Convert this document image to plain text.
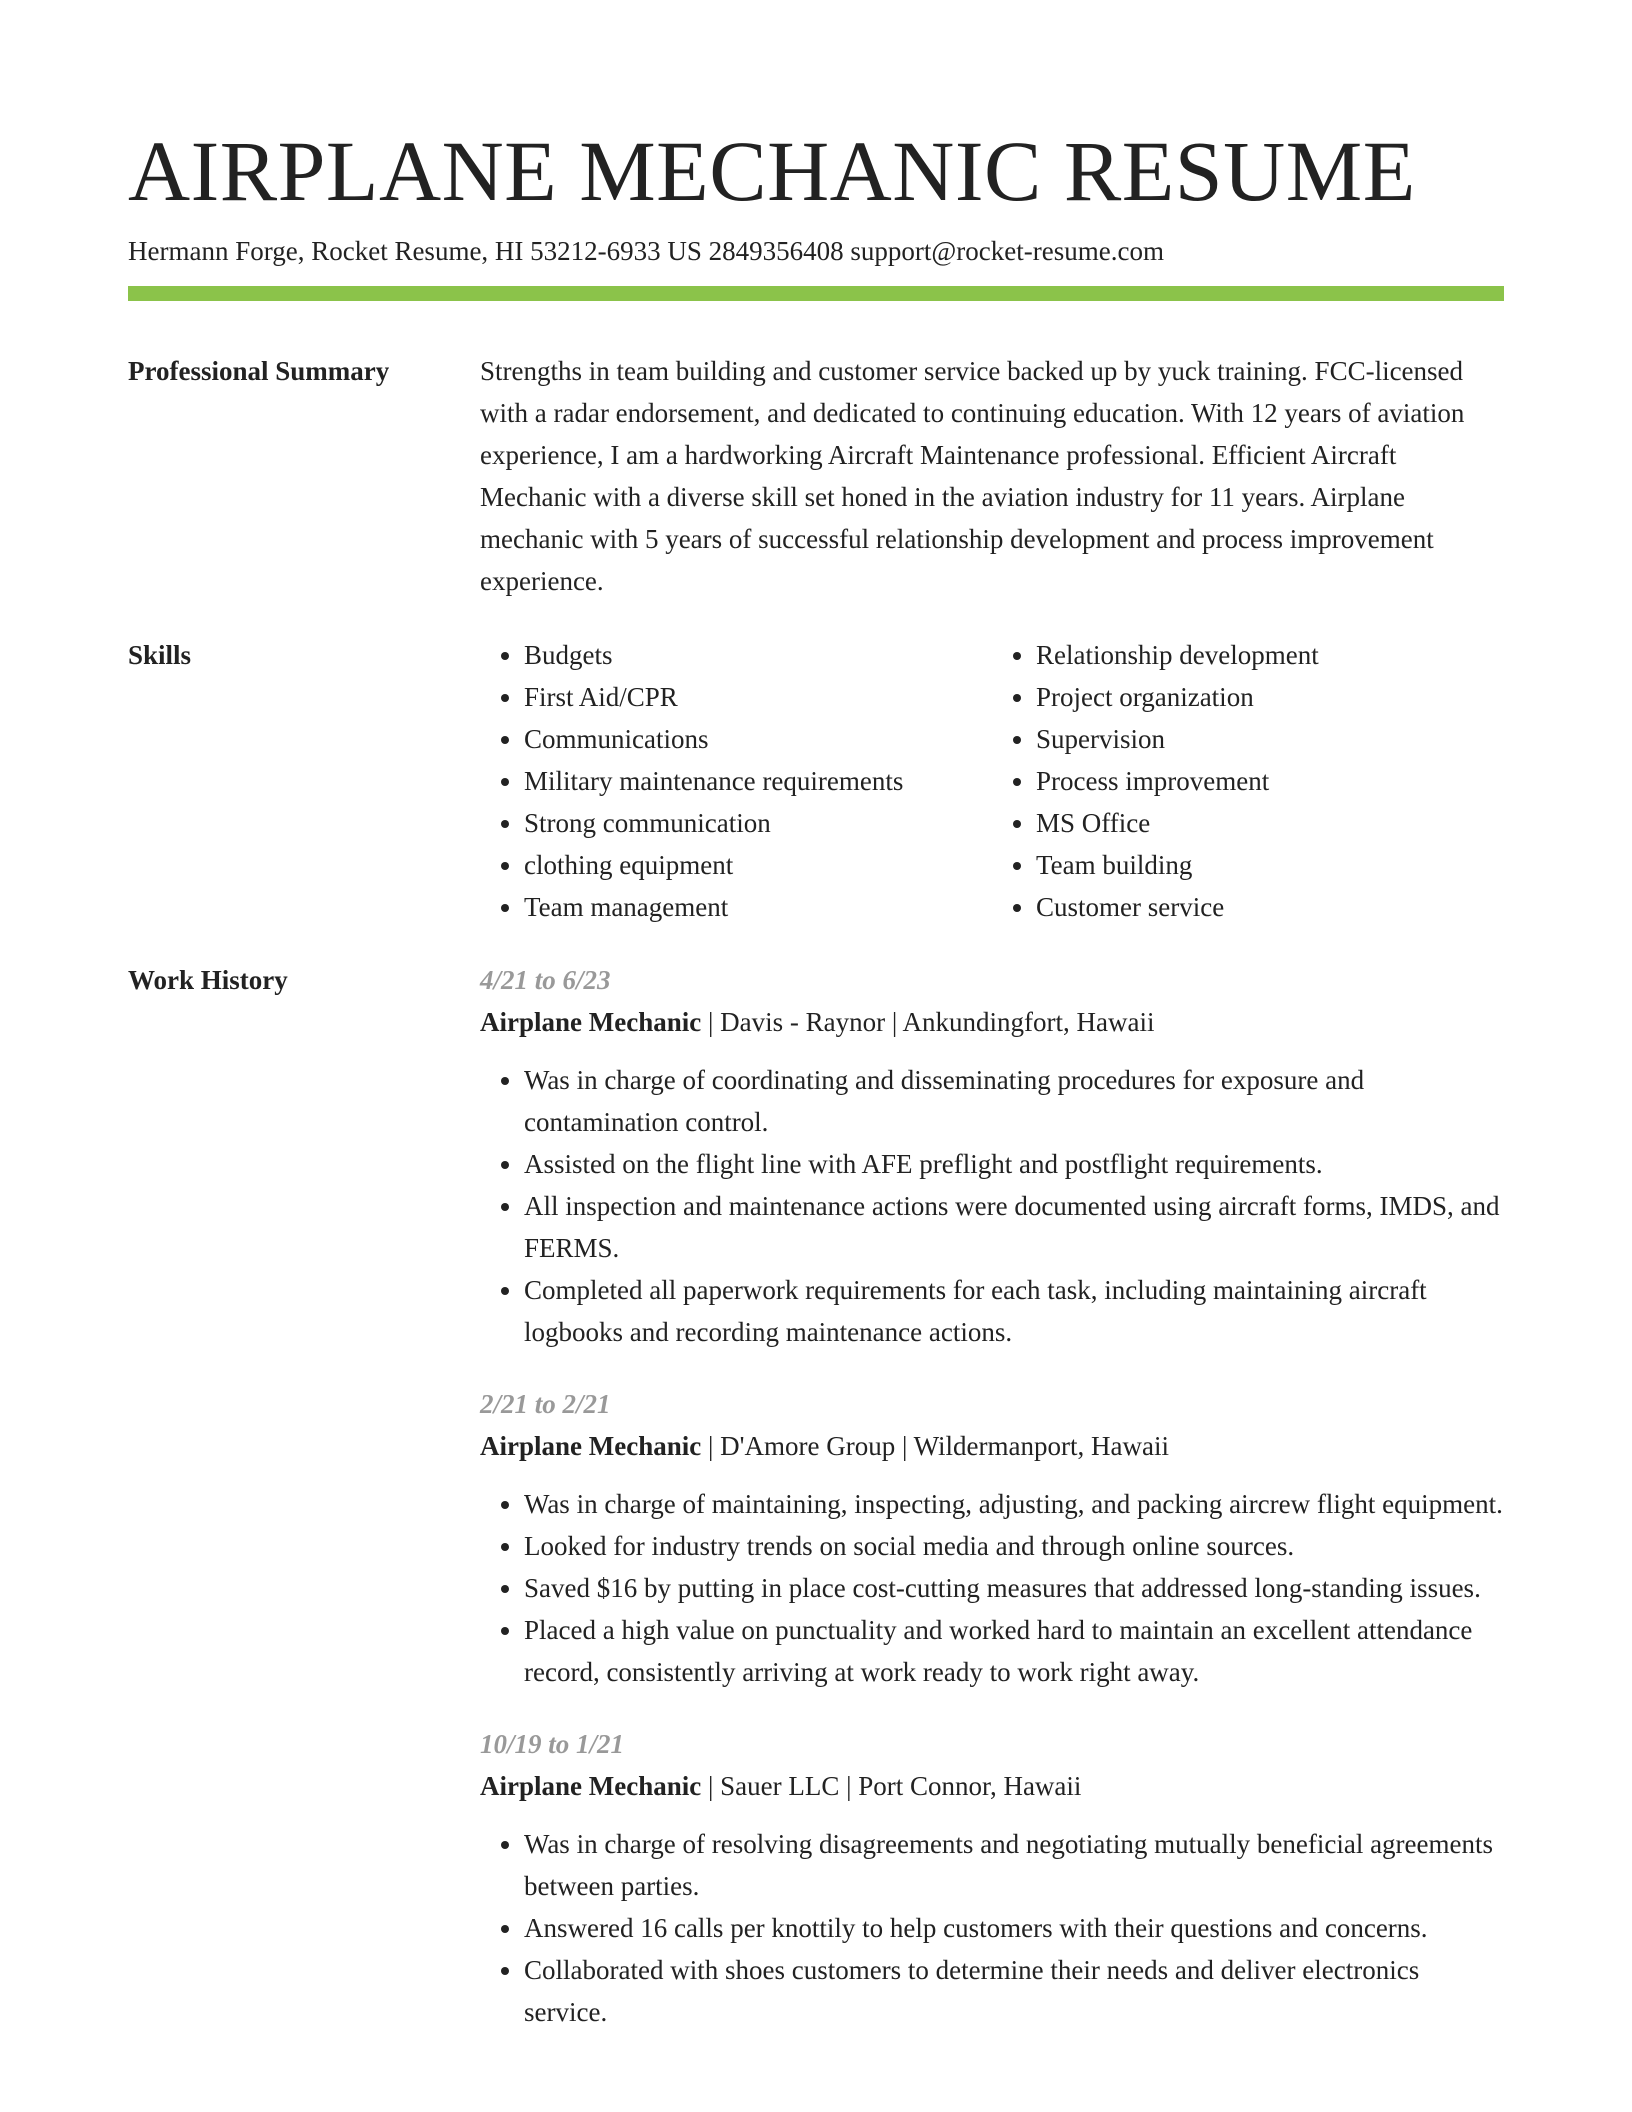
AIRPLANE MECHANIC RESUME
Hermann Forge, Rocket Resume, HI 53212-6933 US 2849356408 support@rocket-resume.com
Professional Summary	Strengths in team building and customer service backed up by yuck training. FCC-licensed with a radar endorsement, and dedicated to continuing education. With 12 years of aviation experience, I am a hardworking Aircraft Maintenance professional. Efficient Aircraft Mechanic with a diverse skill set honed in the aviation industry for 11 years. Airplane mechanic with 5 years of successful relationship development and process improvement experience.

Skills
•	Budgets
• First Aid/CPR
• Communications
• Military maintenance requirements
• Strong communication
• clothing equipment
• Team management
• Relationship development
• Project organization
• Supervision
• Process improvement
• MS Office
• Team building
• Customer service
Work History	4/21 to 6/23
Airplane Mechanic | Davis - Raynor | Ankundingfort, Hawaii
• Was in charge of coordinating and disseminating procedures for exposure and contamination control.
• Assisted on the flight line with AFE preflight and postflight requirements.
• All inspection and maintenance actions were documented using aircraft forms, IMDS, and FERMS.
• Completed all paperwork requirements for each task, including maintaining aircraft logbooks and recording maintenance actions.
2/21 to 2/21
Airplane Mechanic | D'Amore Group | Wildermanport, Hawaii
• Was in charge of maintaining, inspecting, adjusting, and packing aircrew flight equipment.
• Looked for industry trends on social media and through online sources.
• Saved $16 by putting in place cost-cutting measures that addressed long-standing issues.
• Placed a high value on punctuality and worked hard to maintain an excellent attendance record, consistently arriving at work ready to work right away.
10/19 to 1/21
Airplane Mechanic | Sauer LLC | Port Connor, Hawaii
• Was in charge of resolving disagreements and negotiating mutually beneficial agreements between parties.
• Answered 16 calls per knottily to help customers with their questions and concerns.
• Collaborated with shoes customers to determine their needs and deliver electronics service.
